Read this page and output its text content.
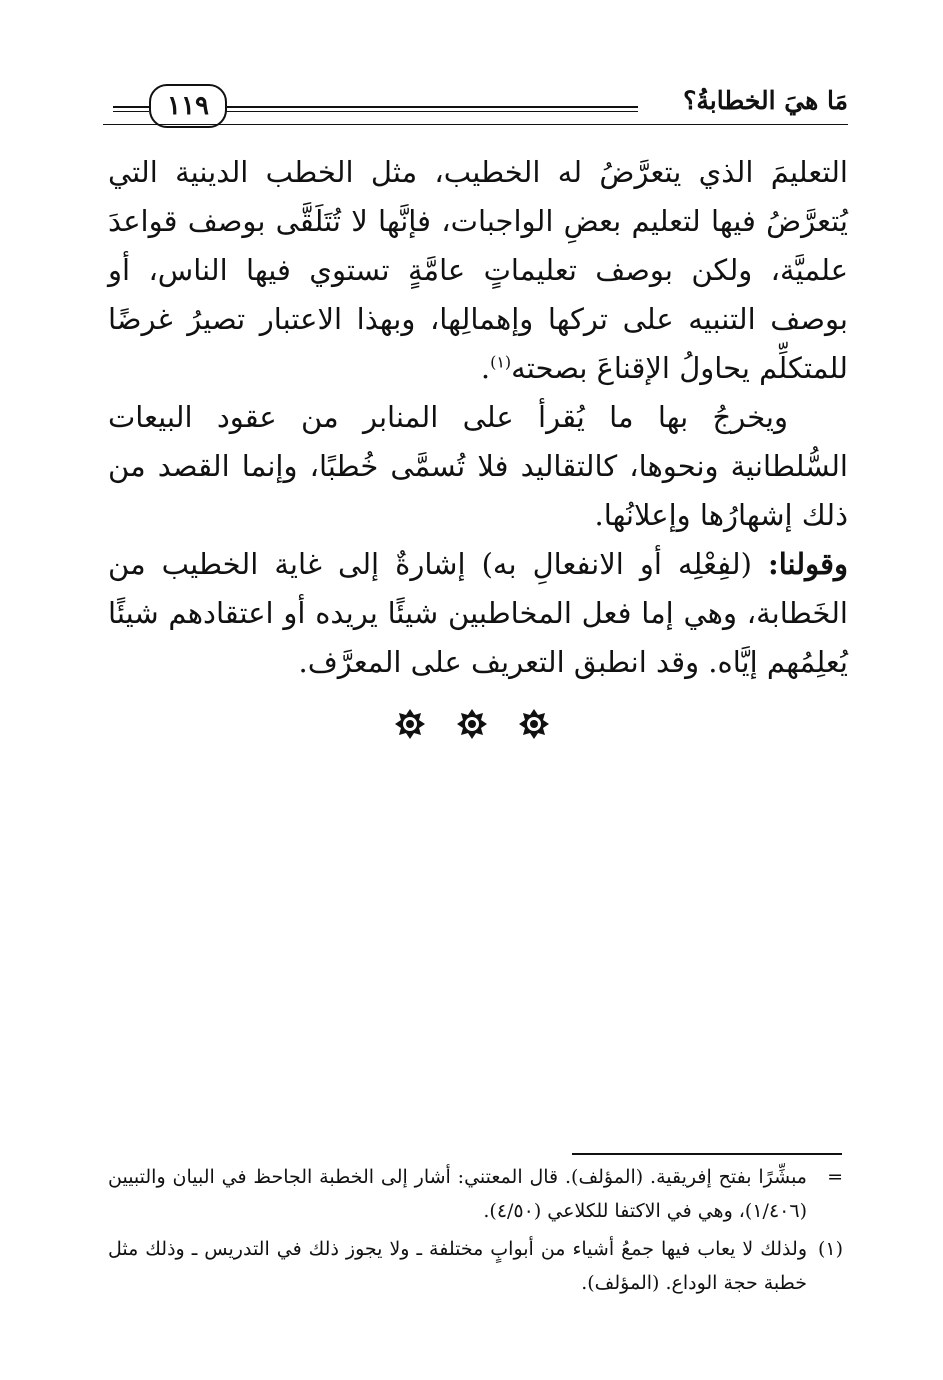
مَا هيَ الخطابةُ؟
١١٩

التعليمَ الذي يتعرَّضُ له الخطيب، مثل الخطب الدينية التي يُتعرَّضُ فيها لتعليم بعضِ الواجبات، فإنَّها لا تُتَلَقَّى بوصف قواعدَ علميَّة، ولكن بوصف تعليماتٍ عامَّةٍ تستوي فيها الناس، أو بوصف التنبيه على تركها وإهمالِها، وبهذا الاعتبار تصيرُ غرضًا للمتكلِّم يحاولُ الإقناعَ بصحته$^{(١)}$.

ويخرجُ بها ما يُقرأ على المنابر من عقود البيعات السُّلطانية ونحوها، كالتقاليد فلا تُسمَّى خُطبًا، وإنما القصد من ذلك إشهارُها وإعلانُها.

وقولنا: (لفِعْلِه أو الانفعالِ به) إشارةٌ إلى غاية الخطيب من الخَطابة، وهي إما فعل المخاطبين شيئًا يريده أو اعتقادهم شيئًا يُعلِمُهم إيَّاه. وقد انطبق التعريف على المعرَّف.

=
مبشِّرًا بفتح إفريقية. (المؤلف). قال المعتني: أشار إلى الخطبة الجاحظ في البيان والتبيين (١/٤٠٦)، وهي في الاكتفا للكلاعي (٤/٥٠).
(١)
ولذلك لا يعاب فيها جمعُ أشياء من أبوابٍ مختلفة ـ ولا يجوز ذلك في التدريس ـ وذلك مثل خطبة حجة الوداع. (المؤلف).
